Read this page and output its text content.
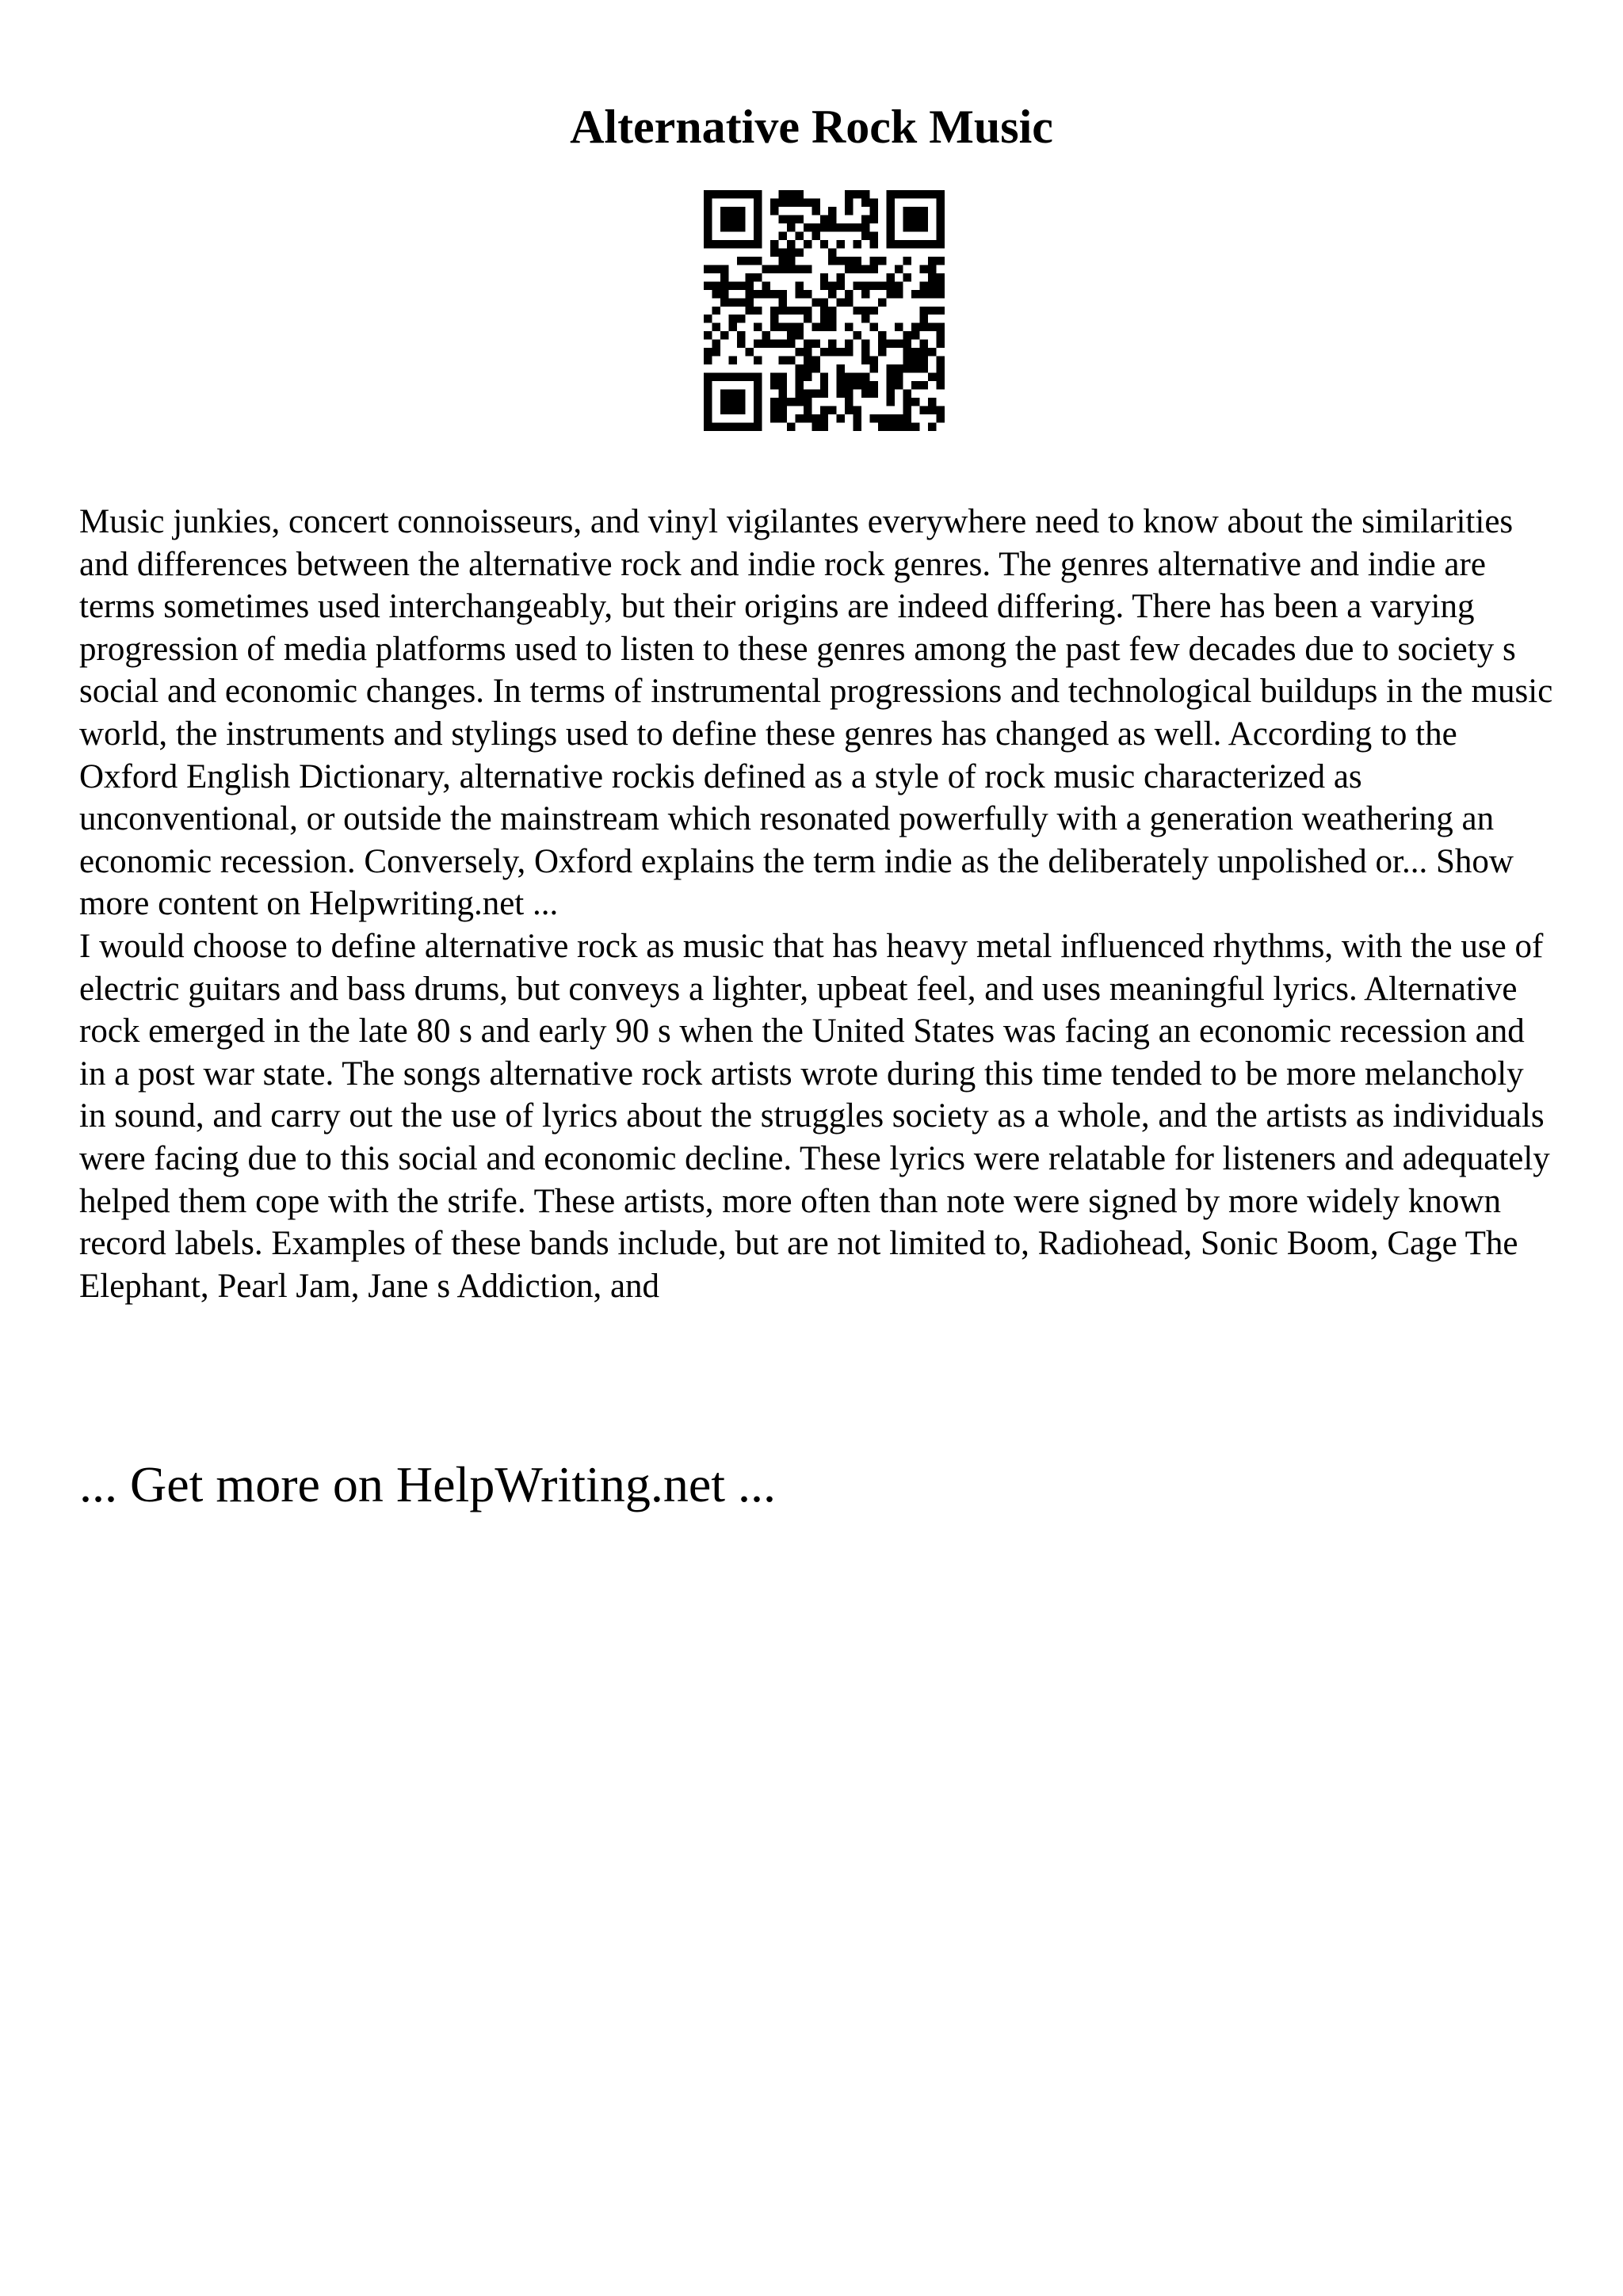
Alternative Rock Music

Music junkies, concert connoisseurs, and vinyl vigilantes everywhere need to know about the similarities and differences between the alternative rock and indie rock genres. The genres alternative and indie are terms sometimes used interchangeably, but their origins are indeed differing. There has been a varying progression of media platforms used to listen to these genres among the past few decades due to society s social and economic changes. In terms of instrumental progressions and technological buildups in the music world, the instruments and stylings used to define these genres has changed as well. According to the Oxford English Dictionary, alternative rockis defined as a style of rock music characterized as unconventional, or outside the mainstream which resonated powerfully with a generation weathering an economic recession. Conversely, Oxford explains the term indie as the deliberately unpolished or... Show more content on Helpwriting.net ...

I would choose to define alternative rock as music that has heavy metal influenced rhythms, with the use of electric guitars and bass drums, but conveys a lighter, upbeat feel, and uses meaningful lyrics. Alternative rock emerged in the late 80 s and early 90 s when the United States was facing an economic recession and in a post war state. The songs alternative rock artists wrote during this time tended to be more melancholy in sound, and carry out the use of lyrics about the struggles society as a whole, and the artists as individuals were facing due to this social and economic decline. These lyrics were relatable for listeners and adequately helped them cope with the strife. These artists, more often than note were signed by more widely known record labels. Examples of these bands include, but are not limited to, Radiohead, Sonic Boom, Cage The Elephant, Pearl Jam, Jane s Addiction, and

... Get more on HelpWriting.net ...
